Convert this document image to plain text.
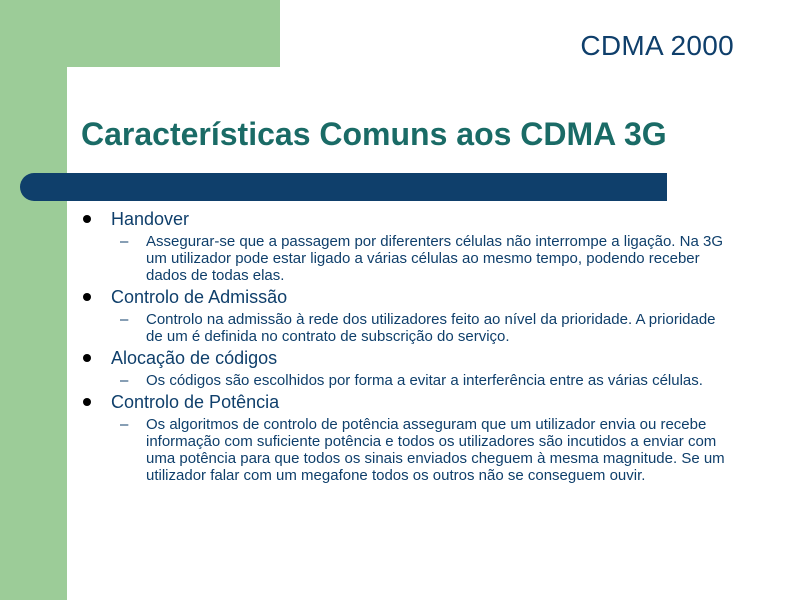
CDMA 2000
Características Comuns aos CDMA 3G
Handover
– Assegurar-se que a passagem por diferenters células não interrompe a ligação. Na 3G um utilizador pode estar ligado a várias células ao mesmo tempo, podendo receber dados de todas elas.
Controlo de Admissão
– Controlo na admissão à rede dos utilizadores feito ao nível da prioridade. A prioridade de um é definida no contrato de subscrição do serviço.
Alocação de códigos
– Os códigos são escolhidos por forma a evitar a interferência entre as várias células.
Controlo de Potência
– Os algoritmos de controlo de potência asseguram que um utilizador envia ou recebe informação com suficiente potência e todos os utilizadores são incutidos a enviar com uma potência para que todos os sinais enviados cheguem à mesma magnitude. Se um utilizador falar com um megafone todos os outros não se conseguem ouvir.
